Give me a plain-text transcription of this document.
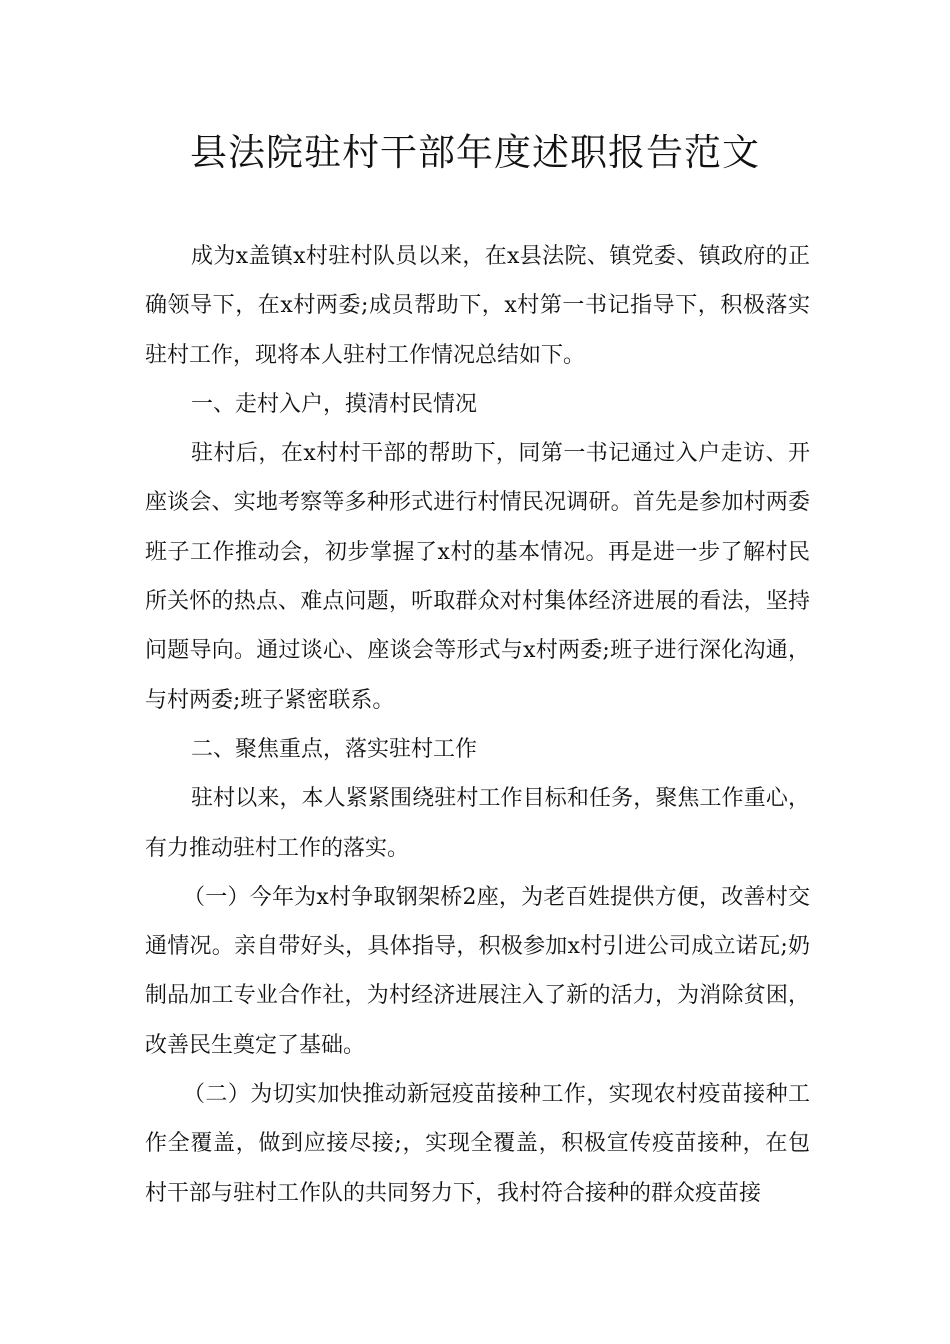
县法院驻村干部年度述职报告范文

成为x盖镇x村驻村队员以来，在x县法院、镇党委、镇政府的正确领导下，在x村两委;成员帮助下，x村第一书记指导下，积极落实驻村工作，现将本人驻村工作情况总结如下。

一、走村入户，摸清村民情况

驻村后，在x村村干部的帮助下，同第一书记通过入户走访、开座谈会、实地考察等多种形式进行村情民况调研。首先是参加村两委班子工作推动会，初步掌握了x村的基本情况。再是进一步了解村民所关怀的热点、难点问题，听取群众对村集体经济进展的看法，坚持问题导向。通过谈心、座谈会等形式与x村两委;班子进行深化沟通，与村两委;班子紧密联系。

二、聚焦重点，落实驻村工作

驻村以来，本人紧紧围绕驻村工作目标和任务，聚焦工作重心，有力推动驻村工作的落实。

（一）今年为x村争取钢架桥2座，为老百姓提供方便，改善村交通情况。亲自带好头，具体指导，积极参加x村引进公司成立诺瓦;奶制品加工专业合作社，为村经济进展注入了新的活力，为消除贫困，改善民生奠定了基础。

（二）为切实加快推动新冠疫苗接种工作，实现农村疫苗接种工作全覆盖，做到应接尽接;，实现全覆盖，积极宣传疫苗接种，在包村干部与驻村工作队的共同努力下，我村符合接种的群众疫苗接
